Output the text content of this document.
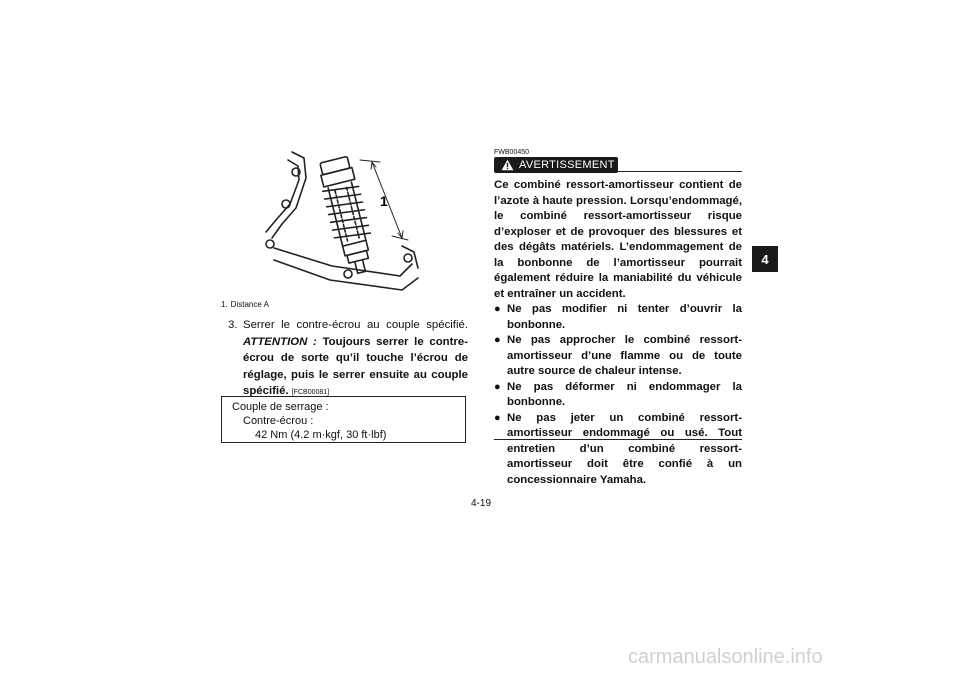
4
1
1. Distance A
3. Serrer le contre-écrou au couple spécifié. ATTENTION : Toujours serrer le contre-écrou de sorte qu’il touche l’écrou de réglage, puis le serrer ensuite au couple spécifié. [FCB00081]
Couple de serrage :
Contre-écrou :
42 Nm (4.2 m·kgf, 30 ft·lbf)
FWB00450
AVERTISSEMENT

Ce combiné ressort-amortisseur contient de l’azote à haute pression. Lorsqu’endommagé, le combiné ressort-amortisseur risque d’exploser et de provoquer des blessures et des dégâts matériels. L’endommagement de la bonbonne de l’amortisseur pourrait également réduire la maniabilité du véhicule et entraîner un accident.

● Ne pas modifier ni tenter d’ouvrir la bonbonne.
● Ne pas approcher le combiné ressort-amortisseur d’une flamme ou de toute autre source de chaleur intense.
● Ne pas déformer ni endommager la bonbonne.
● Ne pas jeter un combiné ressort-amortisseur endommagé ou usé. Tout entretien d’un combiné ressort-amortisseur doit être confié à un concessionnaire Yamaha.
4-19
carmanualsonline.info
